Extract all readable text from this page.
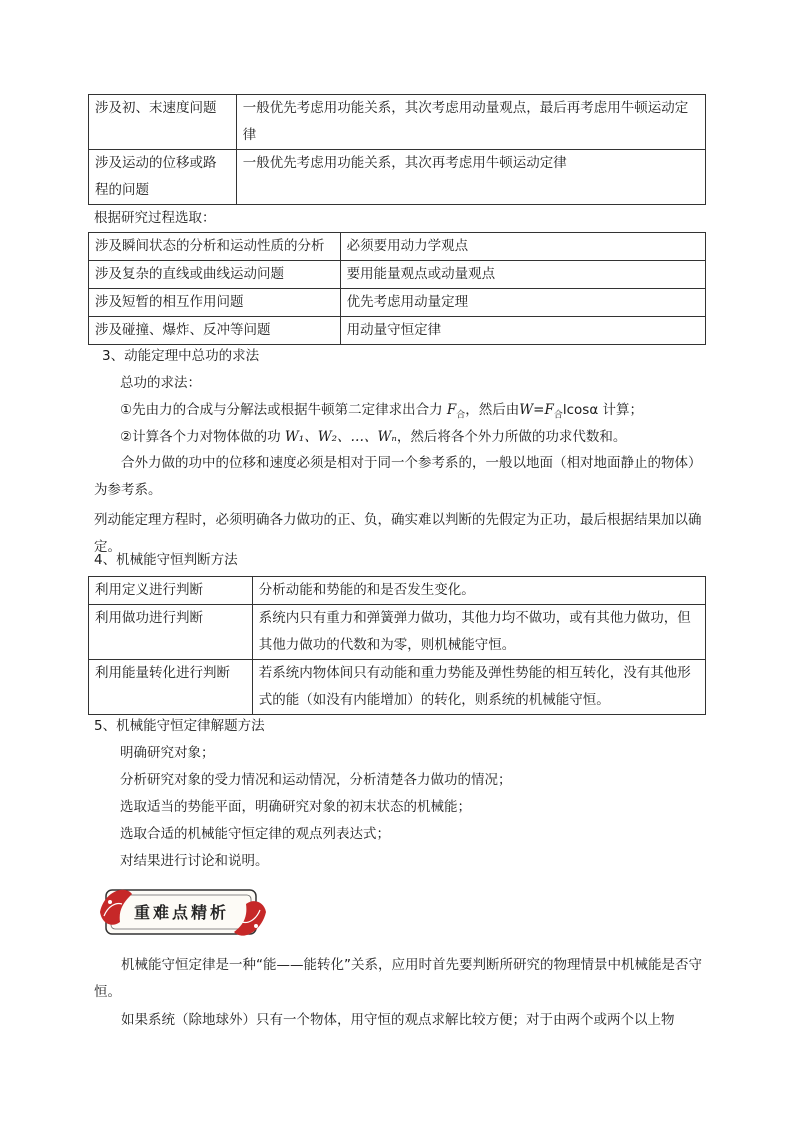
涉及初、末速度问题	一般优先考虑用功能关系，其次考虑用动量观点，最后再考虑用牛顿运动定律
涉及运动的位移或路程的问题	一般优先考虑用功能关系，其次再考虑用牛顿运动定律
根据研究过程选取：
涉及瞬间状态的分析和运动性质的分析	必须要用动力学观点
涉及复杂的直线或曲线运动问题	要用能量观点或动量观点
涉及短暂的相互作用问题	优先考虑用动量定理
涉及碰撞、爆炸、反冲等问题	用动量守恒定律
3、动能定理中总功的求法
总功的求法：
①先由力的合成与分解法或根据牛顿第二定律求出合力 $F_合$，然后由$W=F_合lcos\alpha$ 计算；
②计算各个力对物体做的功 W₁、W₂、…、Wₙ，然后将各个外力所做的功求代数和。
合外力做的功中的位移和速度必须是相对于同一个参考系的，一般以地面（相对地面静止的物体）为参考系。
列动能定理方程时，必须明确各力做功的正、负，确实难以判断的先假定为正功，最后根据结果加以确定。
4、机械能守恒判断方法
利用定义进行判断	分析动能和势能的和是否发生变化。
利用做功进行判断	系统内只有重力和弹簧弹力做功，其他力均不做功，或有其他力做功，但其他力做功的代数和为零，则机械能守恒。
利用能量转化进行判断	若系统内物体间只有动能和重力势能及弹性势能的相互转化，没有其他形式的能（如没有内能增加）的转化，则系统的机械能守恒。
5、机械能守恒定律解题方法
明确研究对象；
分析研究对象的受力情况和运动情况，分析清楚各力做功的情况；
选取适当的势能平面，明确研究对象的初末状态的机械能；
选取合适的机械能守恒定律的观点列表达式；
对结果进行讨论和说明。
重难点精析
机械能守恒定律是一种“能——能转化”关系，应用时首先要判断所研究的物理情景中机械能是否守恒。
如果系统（除地球外）只有一个物体，用守恒的观点求解比较方便；对于由两个或两个以上物
